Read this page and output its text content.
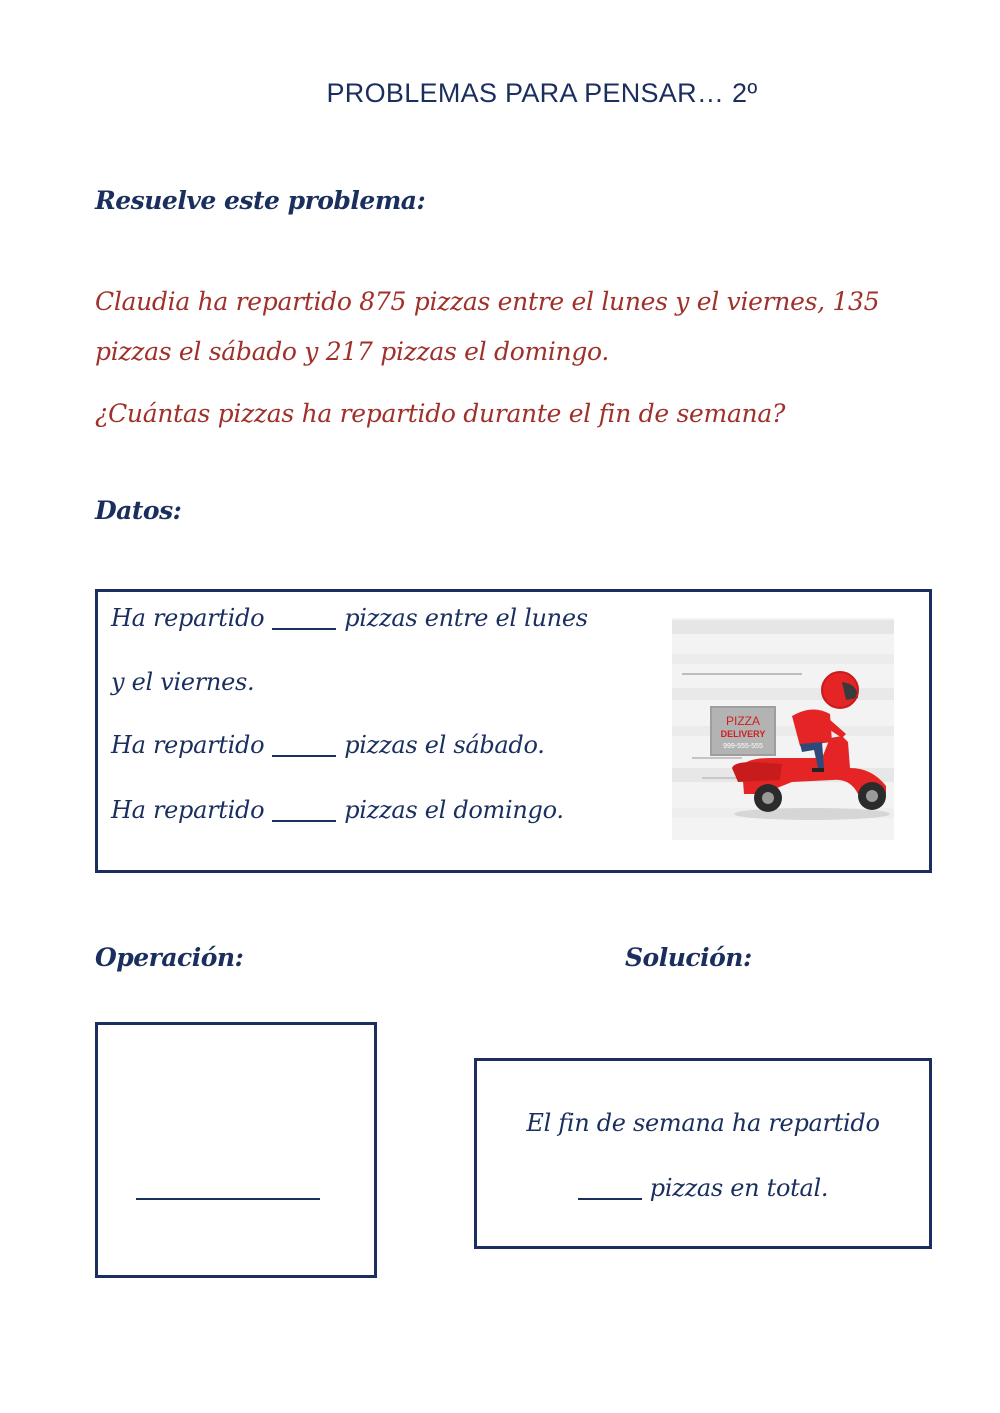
PROBLEMAS PARA PENSAR… 2º
Resuelve este problema:
Claudia ha repartido 875 pizzas entre el lunes y el viernes, 135 pizzas el sábado y 217 pizzas el domingo.
¿Cuántas pizzas ha repartido durante el fin de semana?
Datos:
Ha repartido	pizzas entre el lunes
y el viernes.
Ha repartido	pizzas el sábado.
Ha repartido	pizzas el domingo.
PIZZA
DELIVERY
999-555-555
Operación:	Solución:
El fin de semana ha repartido
pizzas en total.
